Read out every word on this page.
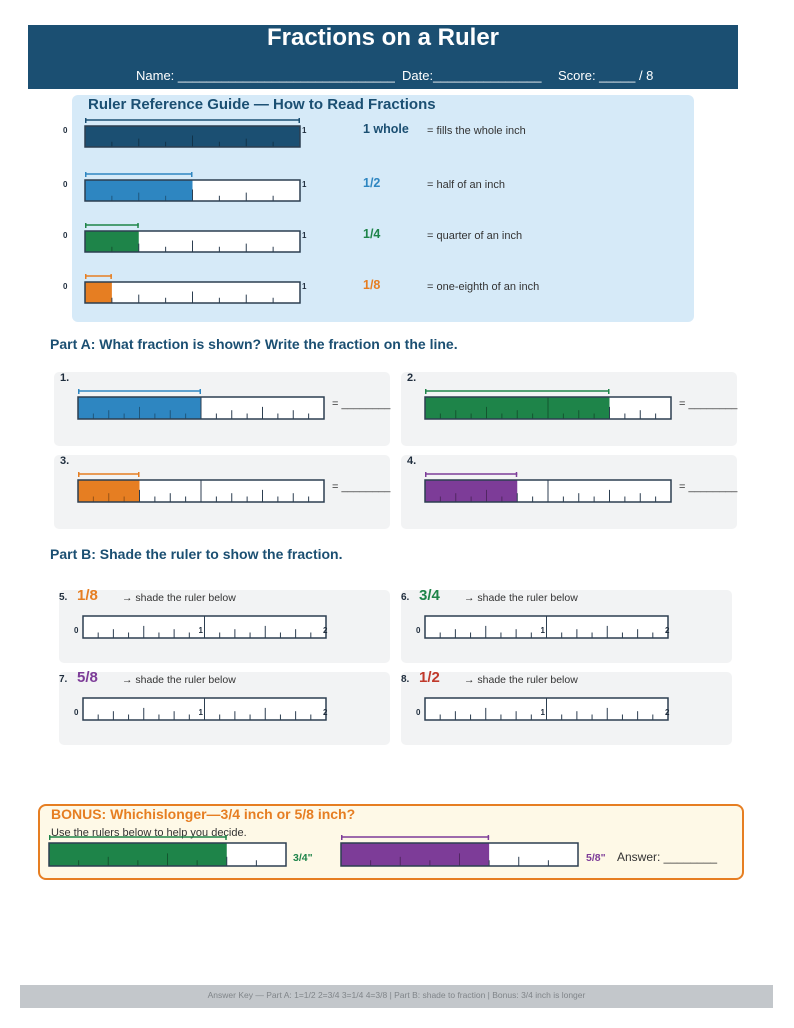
Fractions on a Ruler
Name: ______________________________ Date:_______________ Score: _____ / 8
Ruler Reference Guide — How to Read Fractions
Part A: What fraction is shown? Write the fraction on the line.
Part B: Shade the ruler to show the fraction.
BONUS: Whichislonger—3/4 inch or 5/8 inch?
Use the rulers below to help you decide.
Answer: ________
Answer Key — Part A: 1=1/2 2=3/4 3=1/4 4=3/8 | Part B: shade to fraction | Bonus: 3/4 inch is longer
0	1	1 whole = fills the whole inch
0	1	1/2	= half of an inch
0	1	1/4	= quarter of an inch
0	1	1/8	= one-eighth of an inch
1.
= ________
2.
= ________
3.
= ________
4.
= ________
5. 1/8 → shade the ruler below
0	1	2
6. 3/4 → shade the ruler below
0	1	2
7. 5/8 → shade the ruler below
0	1	2
8. 1/2 → shade the ruler below
0	1	2
3/4"	5/8"
